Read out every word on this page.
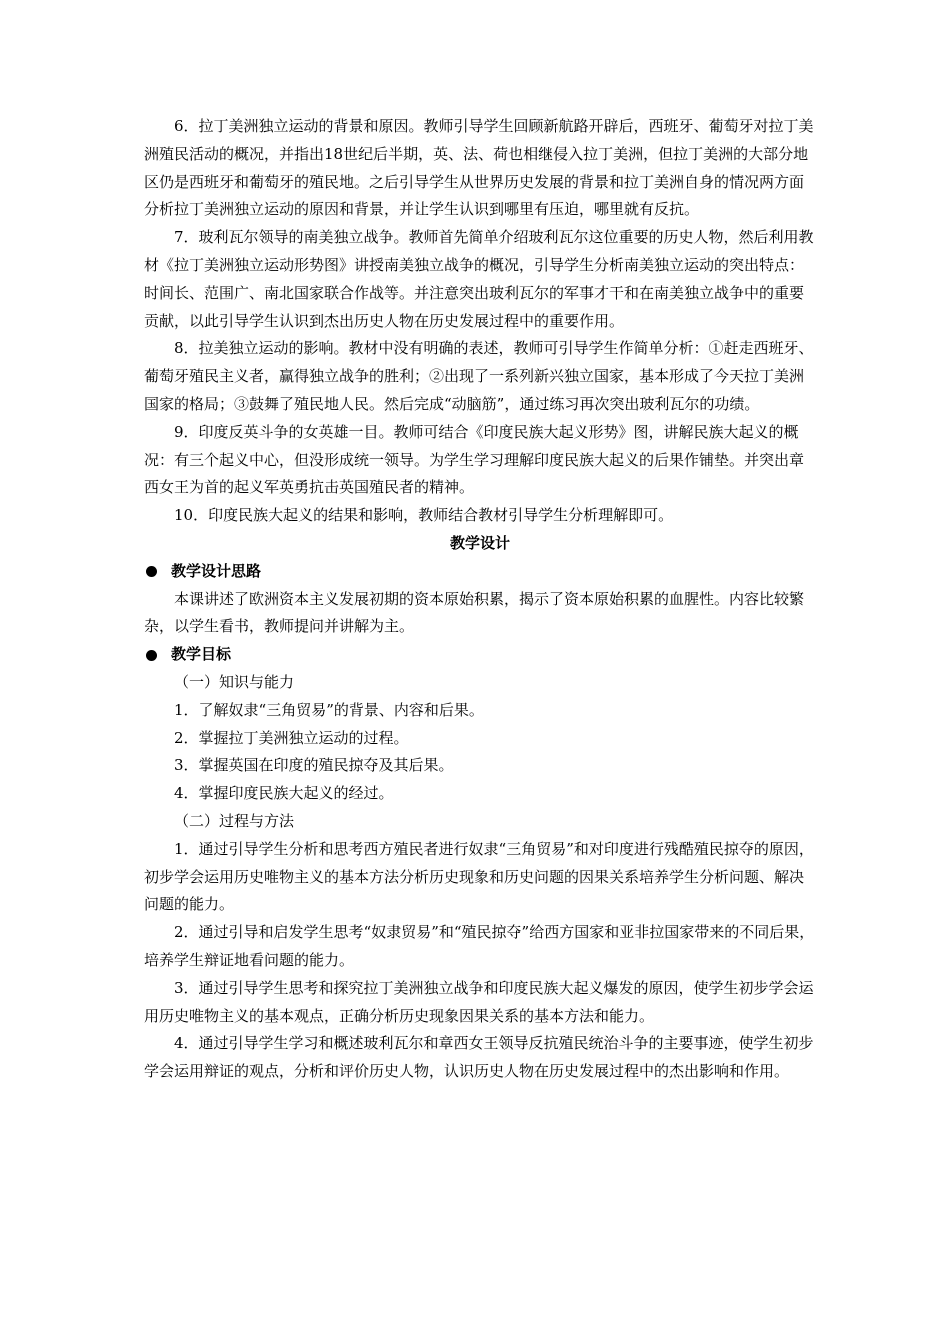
6．拉丁美洲独立运动的背景和原因。教师引导学生回顾新航路开辟后，西班牙、葡萄牙对拉丁美洲殖民活动的概况，并指出18世纪后半期，英、法、荷也相继侵入拉丁美洲，但拉丁美洲的大部分地区仍是西班牙和葡萄牙的殖民地。之后引导学生从世界历史发展的背景和拉丁美洲自身的情况两方面分析拉丁美洲独立运动的原因和背景，并让学生认识到哪里有压迫，哪里就有反抗。

7．玻利瓦尔领导的南美独立战争。教师首先简单介绍玻利瓦尔这位重要的历史人物，然后利用教材《拉丁美洲独立运动形势图》讲授南美独立战争的概况，引导学生分析南美独立运动的突出特点：时间长、范围广、南北国家联合作战等。并注意突出玻利瓦尔的军事才干和在南美独立战争中的重要贡献，以此引导学生认识到杰出历史人物在历史发展过程中的重要作用。

8．拉美独立运动的影响。教材中没有明确的表述，教师可引导学生作简单分析：①赶走西班牙、葡萄牙殖民主义者，赢得独立战争的胜利；②出现了一系列新兴独立国家，基本形成了今天拉丁美洲国家的格局；③鼓舞了殖民地人民。然后完成“动脑筋”，通过练习再次突出玻利瓦尔的功绩。

9．印度反英斗争的女英雄一目。教师可结合《印度民族大起义形势》图，讲解民族大起义的概况：有三个起义中心，但没形成统一领导。为学生学习理解印度民族大起义的后果作铺垫。并突出章西女王为首的起义军英勇抗击英国殖民者的精神。

10．印度民族大起义的结果和影响，教师结合教材引导学生分析理解即可。

教学设计

教学设计思路

本课讲述了欧洲资本主义发展初期的资本原始积累，揭示了资本原始积累的血腥性。内容比较繁杂，以学生看书，教师提问并讲解为主。

教学目标

（一）知识与能力

1．了解奴隶“三角贸易”的背景、内容和后果。

2．掌握拉丁美洲独立运动的过程。

3．掌握英国在印度的殖民掠夺及其后果。

4．掌握印度民族大起义的经过。

（二）过程与方法

1．通过引导学生分析和思考西方殖民者进行奴隶“三角贸易”和对印度进行残酷殖民掠夺的原因，初步学会运用历史唯物主义的基本方法分析历史现象和历史问题的因果关系培养学生分析问题、解决问题的能力。

2．通过引导和启发学生思考“奴隶贸易”和“殖民掠夺”给西方国家和亚非拉国家带来的不同后果，培养学生辩证地看问题的能力。

3．通过引导学生思考和探究拉丁美洲独立战争和印度民族大起义爆发的原因，使学生初步学会运用历史唯物主义的基本观点，正确分析历史现象因果关系的基本方法和能力。

4．通过引导学生学习和概述玻利瓦尔和章西女王领导反抗殖民统治斗争的主要事迹，使学生初步学会运用辩证的观点，分析和评价历史人物，认识历史人物在历史发展过程中的杰出影响和作用。
